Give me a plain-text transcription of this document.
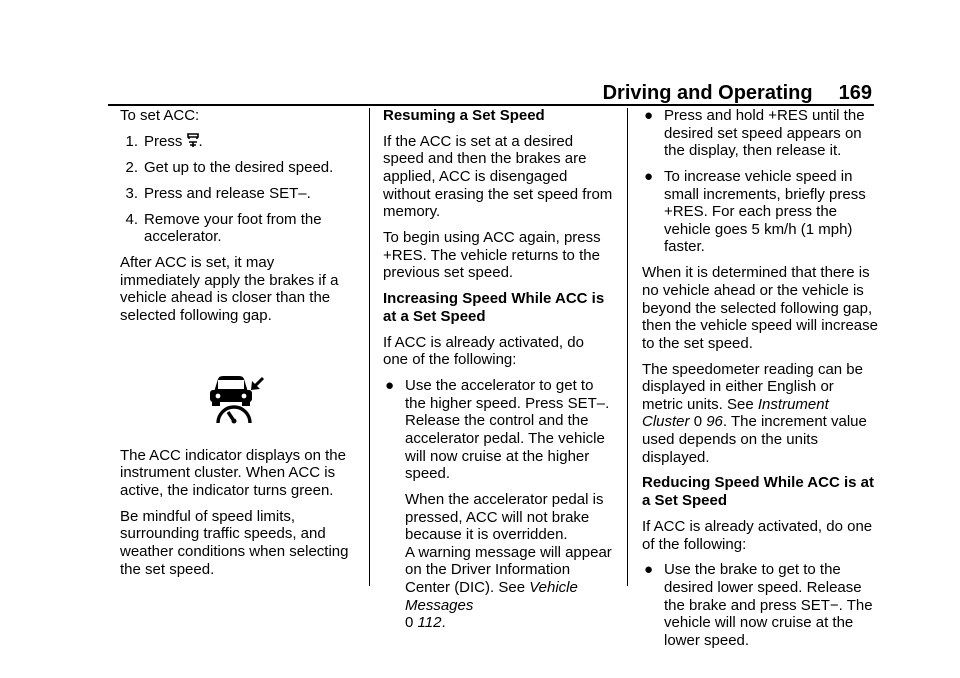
Driving and Operating 169

To set ACC:

1. Press .
2. Get up to the desired speed.
3. Press and release SET–.
4. Remove your foot from the accelerator.

After ACC is set, it may immediately apply the brakes if a vehicle ahead is closer than the selected following gap.

The ACC indicator displays on the instrument cluster. When ACC is active, the indicator turns green.

Be mindful of speed limits, surrounding traffic speeds, and weather conditions when selecting the set speed.

Resuming a Set Speed

If the ACC is set at a desired speed and then the brakes are applied, ACC is disengaged without erasing the set speed from memory.

To begin using ACC again, press +RES. The vehicle returns to the previous set speed.

Increasing Speed While ACC is at a Set Speed

If ACC is already activated, do one of the following:

● Use the accelerator to get to the higher speed. Press SET–. Release the control and the accelerator pedal. The vehicle will now cruise at the higher speed.

When the accelerator pedal is pressed, ACC will not brake because it is overridden.
A warning message will appear on the Driver Information Center (DIC). See Vehicle Messages
0 112.

● Press and hold +RES until the desired set speed appears on the display, then release it.
● To increase vehicle speed in small increments, briefly press +RES. For each press the vehicle goes 5 km/h (1 mph) faster.

When it is determined that there is no vehicle ahead or the vehicle is beyond the selected following gap, then the vehicle speed will increase to the set speed.

The speedometer reading can be displayed in either English or metric units. See Instrument Cluster 0 96. The increment value used depends on the units displayed.

Reducing Speed While ACC is at a Set Speed

If ACC is already activated, do one of the following:

● Use the brake to get to the desired lower speed. Release the brake and press SET−. The vehicle will now cruise at the lower speed.
